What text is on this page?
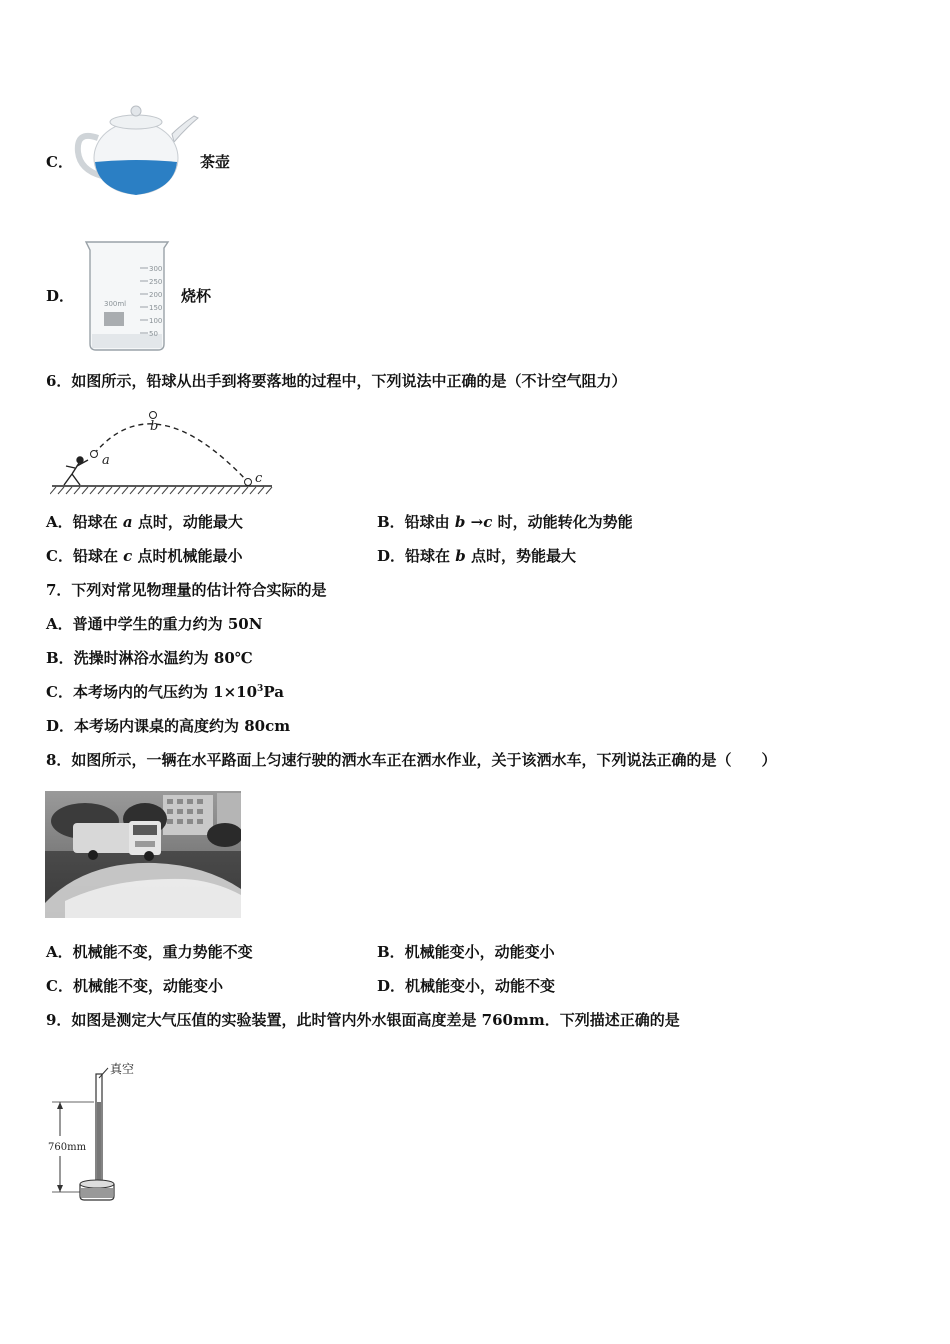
C．	茶壶
D．
300
250
200
150
100
50
300ml	烧杯
6．如图所示，铅球从出手到将要落地的过程中，下列说法中正确的是（不计空气阻力）
a
b
c
A．铅球在 a 点时，动能最大	B．铅球由 b →c 时，动能转化为势能
C．铅球在 c 点时机械能最小	D．铅球在 b 点时，势能最大
7．下列对常见物理量的估计符合实际的是
A．普通中学生的重力约为 50N
B．洗操时淋浴水温约为 80℃
C．本考场内的气压约为 $1\times 10^3Pa$
D．本考场内课桌的高度约为 80cm
8．如图所示，一辆在水平路面上匀速行驶的洒水车正在洒水作业，关于该洒水车，下列说法正确的是（　　）
A．机械能不变，重力势能不变	B．机械能变小，动能变小
C．机械能不变，动能变小	D．机械能变小，动能不变
9．如图是测定大气压值的实验装置，此时管内外水银面高度差是 760mm．下列描述正确的是
真空
760mm
